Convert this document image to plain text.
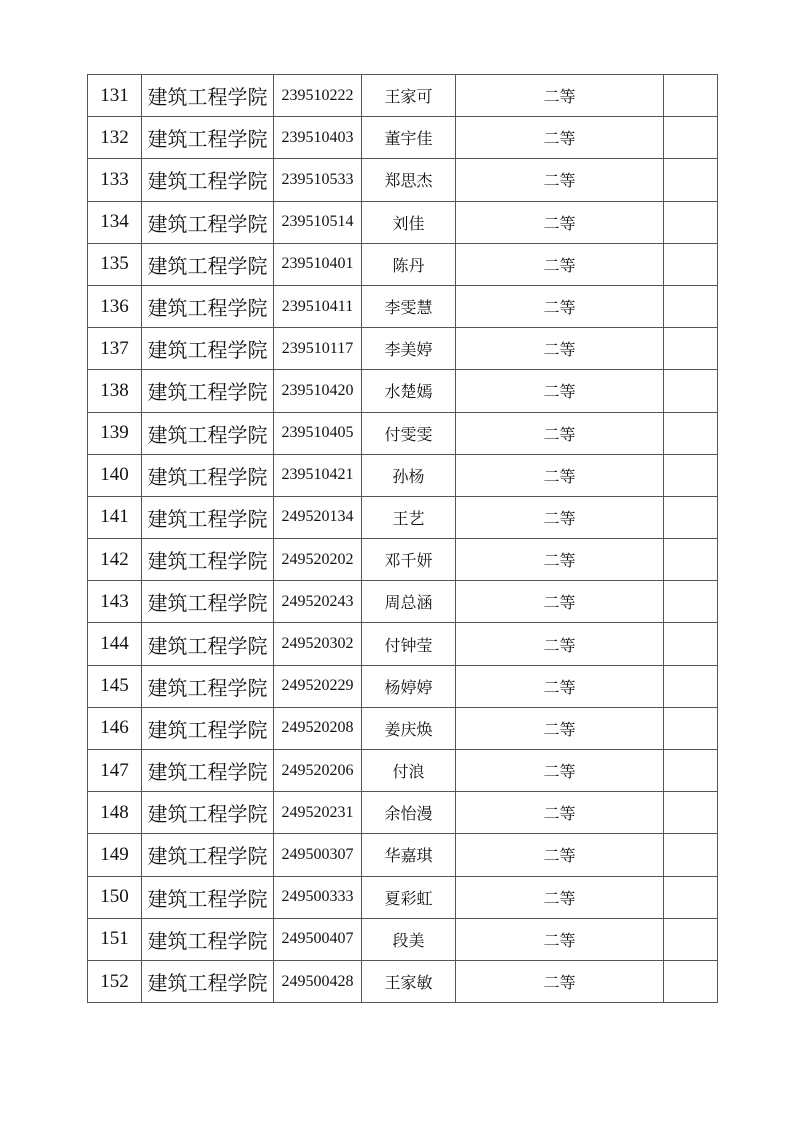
131	建筑工程学院	239510222	王家可	二等	
132	建筑工程学院	239510403	董宇佳	二等	
133	建筑工程学院	239510533	郑思杰	二等	
134	建筑工程学院	239510514	刘佳	二等	
135	建筑工程学院	239510401	陈丹	二等	
136	建筑工程学院	239510411	李雯慧	二等	
137	建筑工程学院	239510117	李美婷	二等	
138	建筑工程学院	239510420	水楚嫣	二等	
139	建筑工程学院	239510405	付雯雯	二等	
140	建筑工程学院	239510421	孙杨	二等	
141	建筑工程学院	249520134	王艺	二等	
142	建筑工程学院	249520202	邓千妍	二等	
143	建筑工程学院	249520243	周总涵	二等	
144	建筑工程学院	249520302	付钟莹	二等	
145	建筑工程学院	249520229	杨婷婷	二等	
146	建筑工程学院	249520208	姜庆焕	二等	
147	建筑工程学院	249520206	付浪	二等	
148	建筑工程学院	249520231	余怡漫	二等	
149	建筑工程学院	249500307	华嘉琪	二等	
150	建筑工程学院	249500333	夏彩虹	二等	
151	建筑工程学院	249500407	段美	二等	
152	建筑工程学院	249500428	王家敏	二等	
